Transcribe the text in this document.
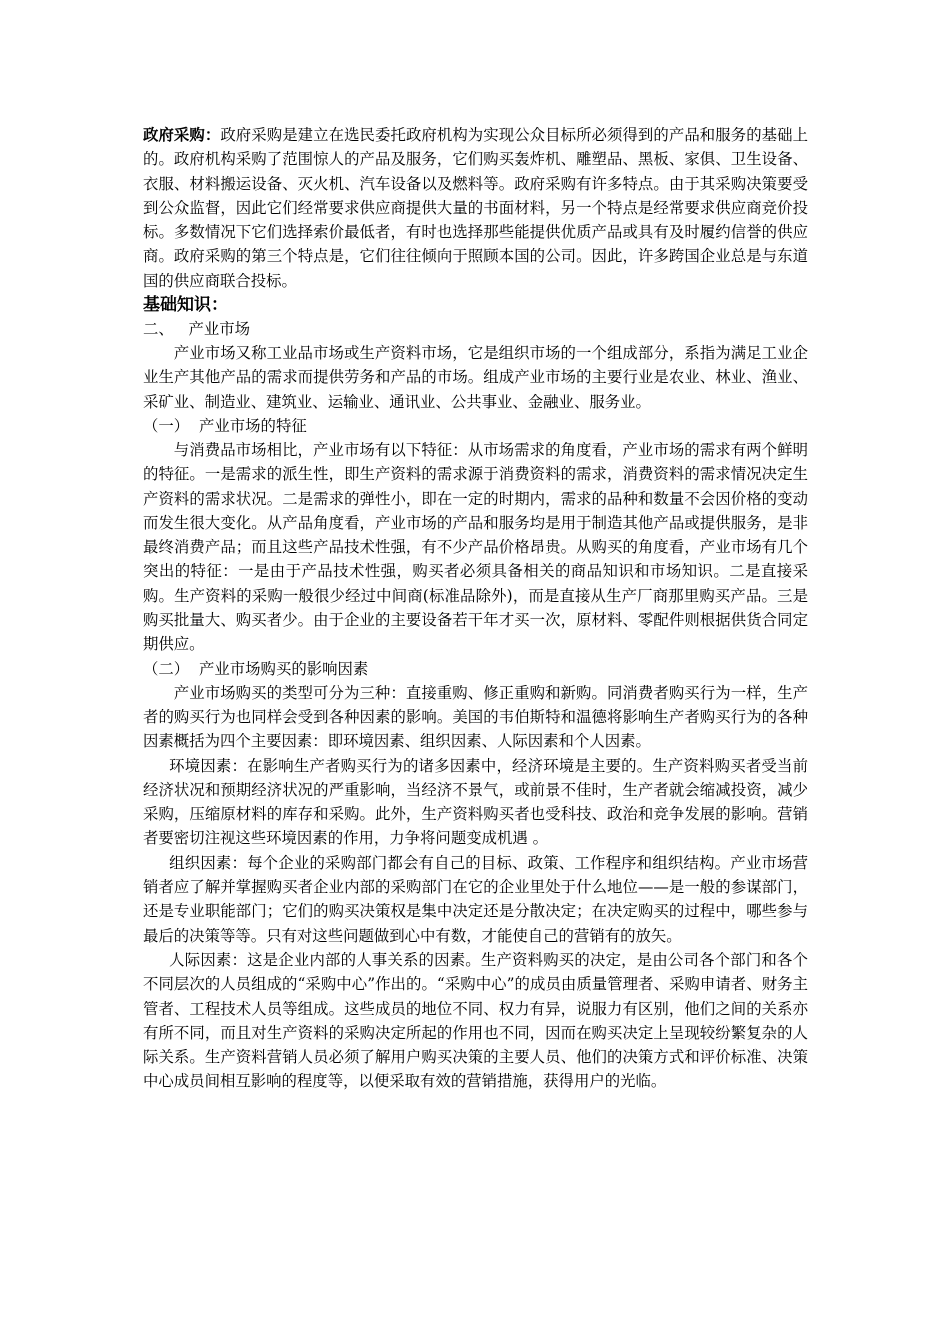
政府采购：政府采购是建立在选民委托政府机构为实现公众目标所必须得到的产品和服务的基础上的。政府机构采购了范围惊人的产品及服务，它们购买轰炸机、雕塑品、黑板、家俱、卫生设备、衣服、材料搬运设备、灭火机、汽车设备以及燃料等。政府采购有许多特点。由于其采购决策要受到公众监督，因此它们经常要求供应商提供大量的书面材料，另一个特点是经常要求供应商竞价投标。多数情况下它们选择索价最低者，有时也选择那些能提供优质产品或具有及时履约信誉的供应商。政府采购的第三个特点是，它们往往倾向于照顾本国的公司。因此，许多跨国企业总是与东道国的供应商联合投标。

基础知识：

二、 产业市场

产业市场又称工业品市场或生产资料市场，它是组织市场的一个组成部分，系指为满足工业企业生产其他产品的需求而提供劳务和产品的市场。组成产业市场的主要行业是农业、林业、渔业、采矿业、制造业、建筑业、运输业、通讯业、公共事业、金融业、服务业。

（一） 产业市场的特征

与消费品市场相比，产业市场有以下特征：从市场需求的角度看，产业市场的需求有两个鲜明的特征。一是需求的派生性，即生产资料的需求源于消费资料的需求，消费资料的需求情况决定生产资料的需求状况。二是需求的弹性小，即在一定的时期内，需求的品种和数量不会因价格的变动而发生很大变化。从产品角度看，产业市场的产品和服务均是用于制造其他产品或提供服务，是非最终消费产品；而且这些产品技术性强，有不少产品价格昂贵。从购买的角度看，产业市场有几个突出的特征：一是由于产品技术性强，购买者必须具备相关的商品知识和市场知识。二是直接采购。生产资料的采购一般很少经过中间商(标准品除外)，而是直接从生产厂商那里购买产品。三是购买批量大、购买者少。由于企业的主要设备若干年才买一次，原材料、零配件则根据供货合同定期供应。

（二） 产业市场购买的影响因素

产业市场购买的类型可分为三种：直接重购、修正重购和新购。同消费者购买行为一样，生产者的购买行为也同样会受到各种因素的影响。美国的韦伯斯特和温德将影响生产者购买行为的各种因素概括为四个主要因素：即环境因素、组织因素、人际因素和个人因素。

环境因素：在影响生产者购买行为的诸多因素中，经济环境是主要的。生产资料购买者受当前经济状况和预期经济状况的严重影响，当经济不景气，或前景不佳时，生产者就会缩减投资，减少采购，压缩原材料的库存和采购。此外，生产资料购买者也受科技、政治和竞争发展的影响。营销者要密切注视这些环境因素的作用，力争将问题变成机遇 。

组织因素：每个企业的采购部门都会有自己的目标、政策、工作程序和组织结构。产业市场营销者应了解并掌握购买者企业内部的采购部门在它的企业里处于什么地位——是一般的参谋部门，还是专业职能部门；它们的购买决策权是集中决定还是分散决定；在决定购买的过程中，哪些参与最后的决策等等。只有对这些问题做到心中有数，才能使自己的营销有的放矢。

人际因素：这是企业内部的人事关系的因素。生产资料购买的决定，是由公司各个部门和各个不同层次的人员组成的“采购中心”作出的。“采购中心”的成员由质量管理者、采购申请者、财务主管者、工程技术人员等组成。这些成员的地位不同、权力有异，说服力有区别，他们之间的关系亦有所不同，而且对生产资料的采购决定所起的作用也不同，因而在购买决定上呈现较纷繁复杂的人际关系。生产资料营销人员必须了解用户购买决策的主要人员、他们的决策方式和评价标准、决策中心成员间相互影响的程度等，以便采取有效的营销措施，获得用户的光临。
